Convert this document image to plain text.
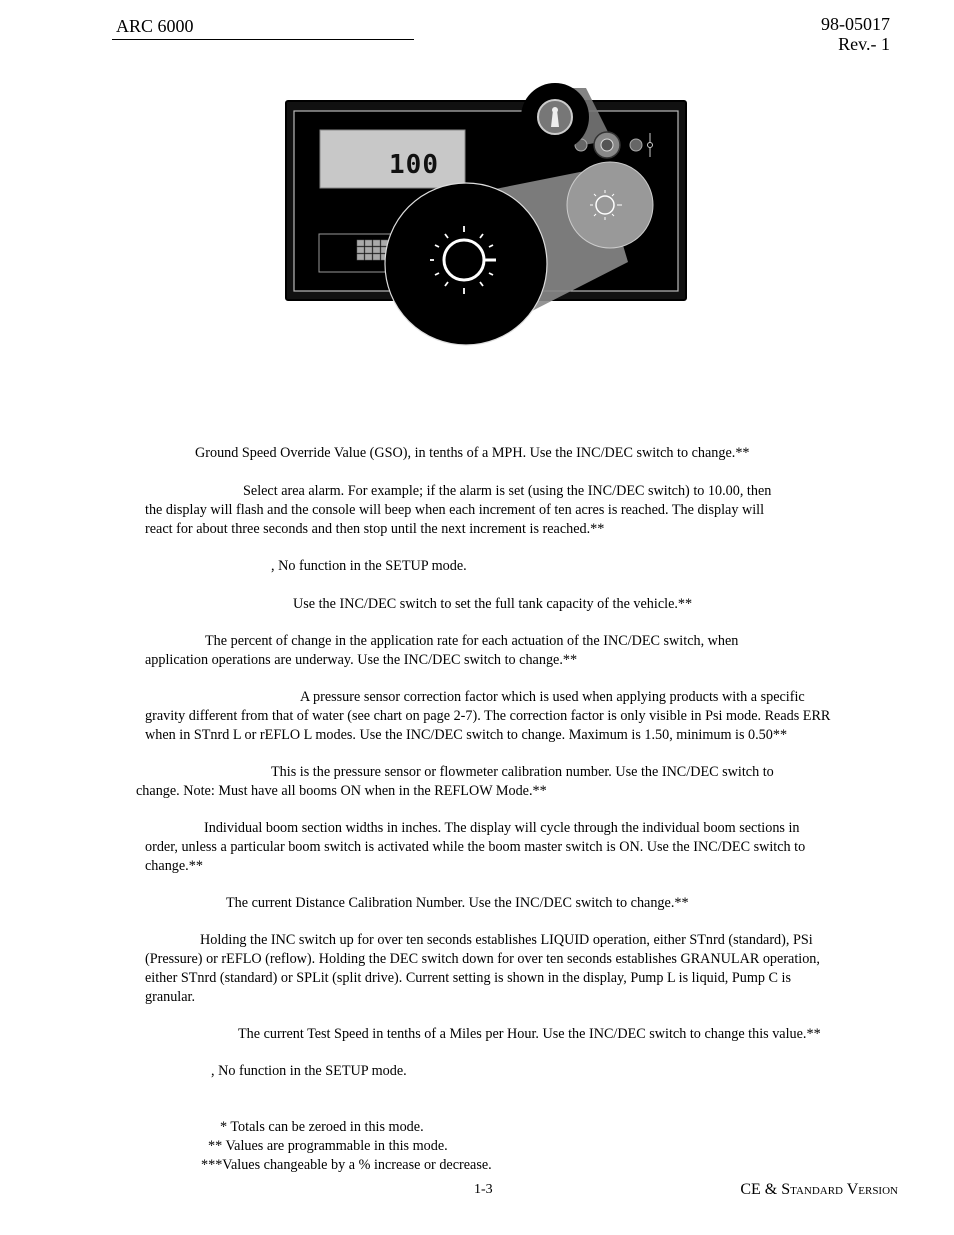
ARC 6000	98-05017
Rev.- 1
100
Ground Speed Override Value (GSO), in tenths of a MPH. Use the INC/DEC switch to change.**
Select area alarm. For example; if the alarm is set (using the INC/DEC switch) to 10.00, then
the display will flash and the console will beep when each increment of ten acres is reached. The display will
react for about three seconds and then stop until the next increment is reached.**
, No function in the SETUP mode.
Use the INC/DEC switch to set the full tank capacity of the vehicle.**
The percent of change in the application rate for each actuation of the INC/DEC switch, when
application operations are underway. Use the INC/DEC switch to change.**
A pressure sensor correction factor which is used when applying products with a specific
gravity different from that of water (see chart on page 2-7). The correction factor is only visible in Psi mode. Reads ERR
when in STnrd L or rEFLO L modes. Use the INC/DEC switch to change. Maximum is 1.50, minimum is 0.50**
This is the pressure sensor or flowmeter calibration number. Use the INC/DEC switch to
change. Note: Must have all booms ON when in the REFLOW Mode.**
Individual boom section widths in inches. The display will cycle through the individual boom sections in
order, unless a particular boom switch is activated while the boom master switch is ON. Use the INC/DEC switch to
change.**
The current Distance Calibration Number. Use the INC/DEC switch to change.**
Holding the INC switch up for over ten seconds establishes LIQUID operation, either STnrd (standard), PSi
(Pressure) or rEFLO (reflow). Holding the DEC switch down for over ten seconds establishes GRANULAR operation,
either STnrd (standard) or SPLit (split drive). Current setting is shown in the display, Pump L is liquid, Pump C is
granular.
The current Test Speed in tenths of a Miles per Hour. Use the INC/DEC switch to change this value.**
, No function in the SETUP mode.
* Totals can be zeroed in this mode.
** Values are programmable in this mode.
***Values changeable by a % increase or decrease.
1-3	CE & Standard Version
